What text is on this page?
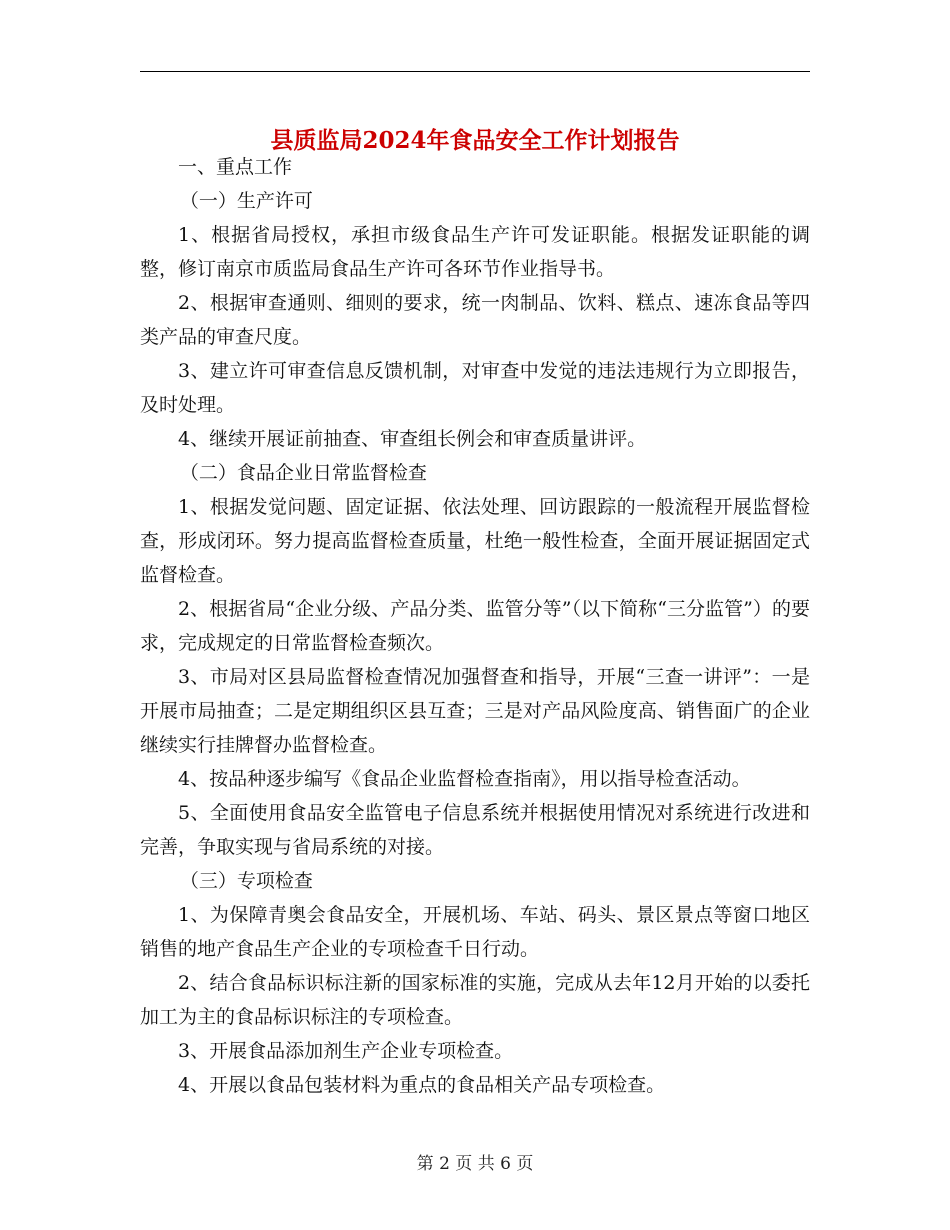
县质监局2024年食品安全工作计划报告

一、重点工作

（一）生产许可

1、根据省局授权，承担市级食品生产许可发证职能。根据发证职能的调整，修订南京市质监局食品生产许可各环节作业指导书。

2、根据审查通则、细则的要求，统一肉制品、饮料、糕点、速冻食品等四类产品的审查尺度。

3、建立许可审查信息反馈机制，对审查中发觉的违法违规行为立即报告，及时处理。

4、继续开展证前抽查、审查组长例会和审查质量讲评。

（二）食品企业日常监督检查

1、根据发觉问题、固定证据、依法处理、回访跟踪的一般流程开展监督检查，形成闭环。努力提高监督检查质量，杜绝一般性检查，全面开展证据固定式监督检查。

2、根据省局“企业分级、产品分类、监管分等”（以下简称“三分监管”）的要求，完成规定的日常监督检查频次。

3、市局对区县局监督检查情况加强督查和指导，开展“三查一讲评”：一是开展市局抽查；二是定期组织区县互查；三是对产品风险度高、销售面广的企业继续实行挂牌督办监督检查。

4、按品种逐步编写《食品企业监督检查指南》，用以指导检查活动。

5、全面使用食品安全监管电子信息系统并根据使用情况对系统进行改进和完善，争取实现与省局系统的对接。

（三）专项检查

1、为保障青奥会食品安全，开展机场、车站、码头、景区景点等窗口地区销售的地产食品生产企业的专项检查千日行动。

2、结合食品标识标注新的国家标准的实施，完成从去年12月开始的以委托加工为主的食品标识标注的专项检查。

3、开展食品添加剂生产企业专项检查。

4、开展以食品包装材料为重点的食品相关产品专项检查。

第 2 页 共 6 页
